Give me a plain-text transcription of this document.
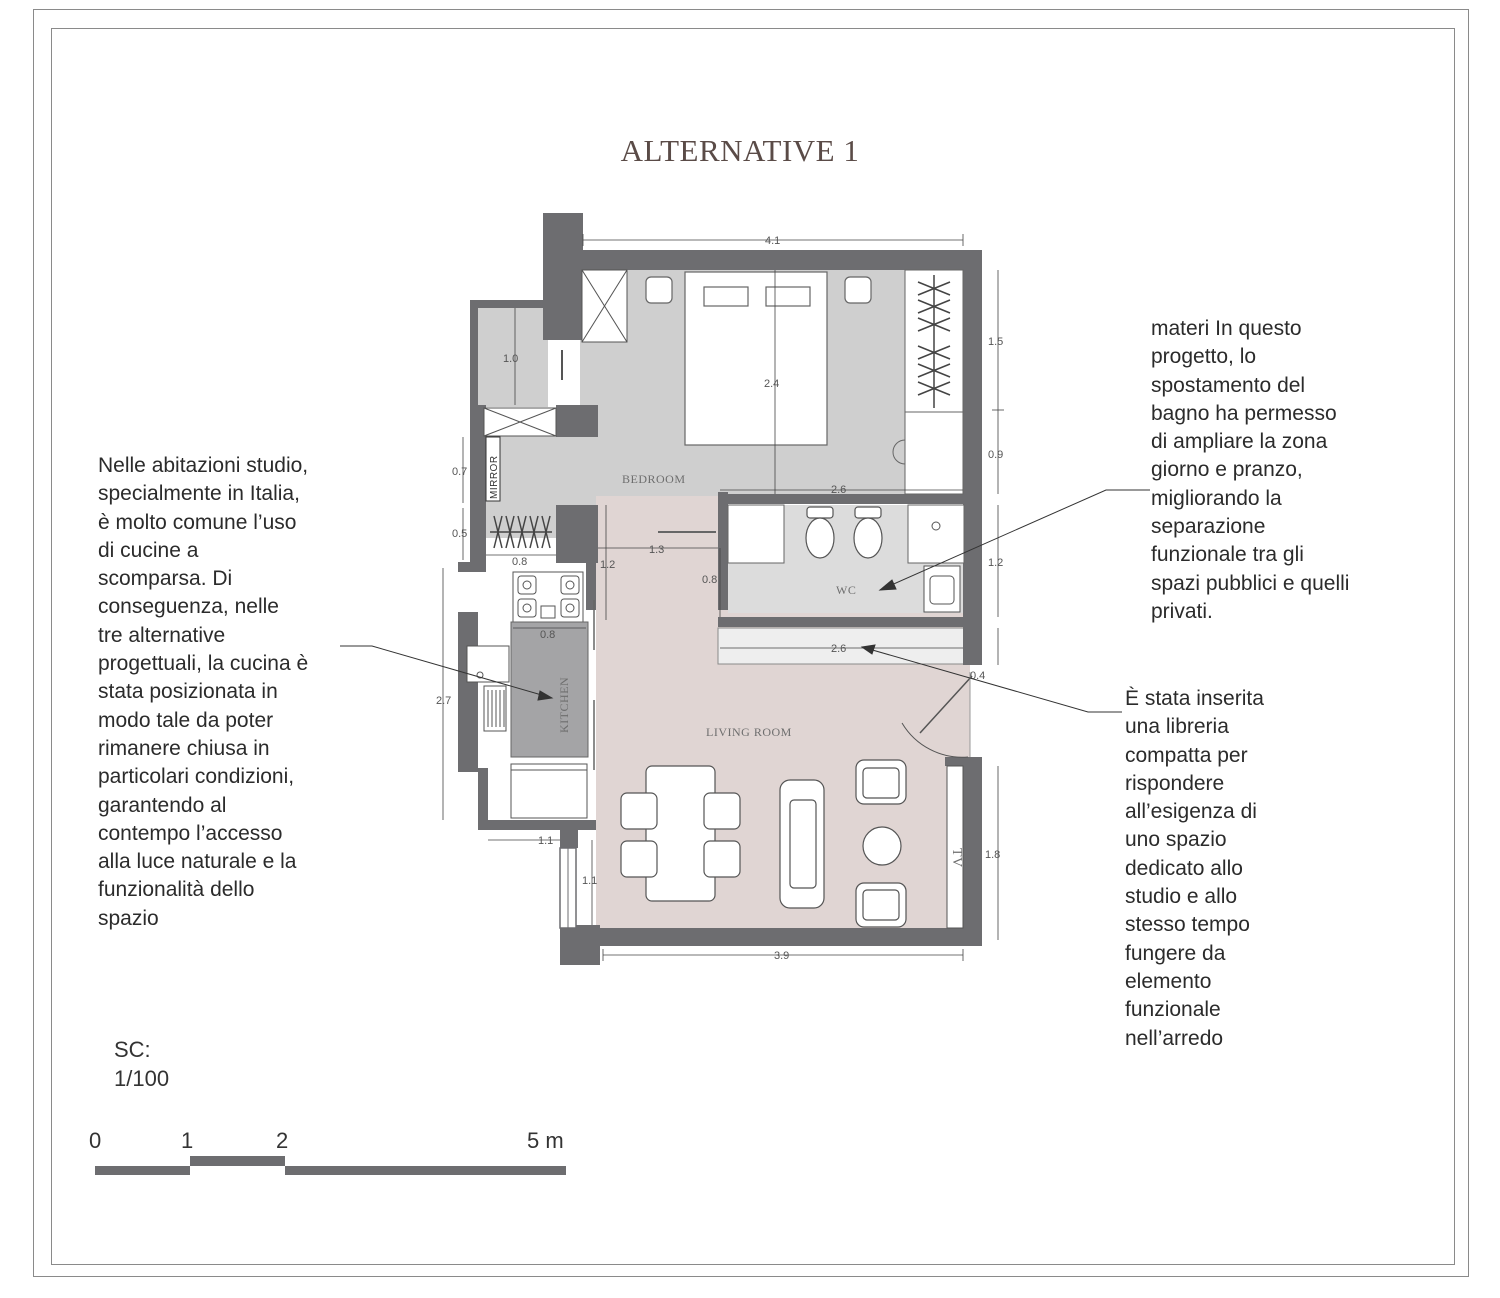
ALTERNATIVE 1
MIRROR
KITCHEN
WC
TV
BEDROOM
LIVING ROOM
4.1
1.0
2.4
1.5
0.9
0.7
0.5
0.8
2.6
1.3
1.2	1.2
0.8
0.8
2.7
2.6
0.4
1.1
1.1
1.8
3.9
Nelle abitazioni studio,
specialmente in Italia,
è molto comune l’uso
di cucine a
scomparsa. Di
conseguenza, nelle
tre alternative
progettuali, la cucina è
stata posizionata in
modo tale da poter
rimanere chiusa in
particolari condizioni,
garantendo al
contempo l’accesso
alla luce naturale e la
funzionalità dello
spazio
materi In questo
progetto, lo
spostamento del
bagno ha permesso
di ampliare la zona
giorno e pranzo,
migliorando la
separazione
funzionale tra gli
spazi pubblici e quelli
privati.
È stata inserita
una libreria
compatta per
rispondere
all’esigenza di
uno spazio
dedicato allo
studio e allo
stesso tempo
fungere da
elemento
funzionale
nell’arredo
SC:
1/100
0	1	2	5 m
